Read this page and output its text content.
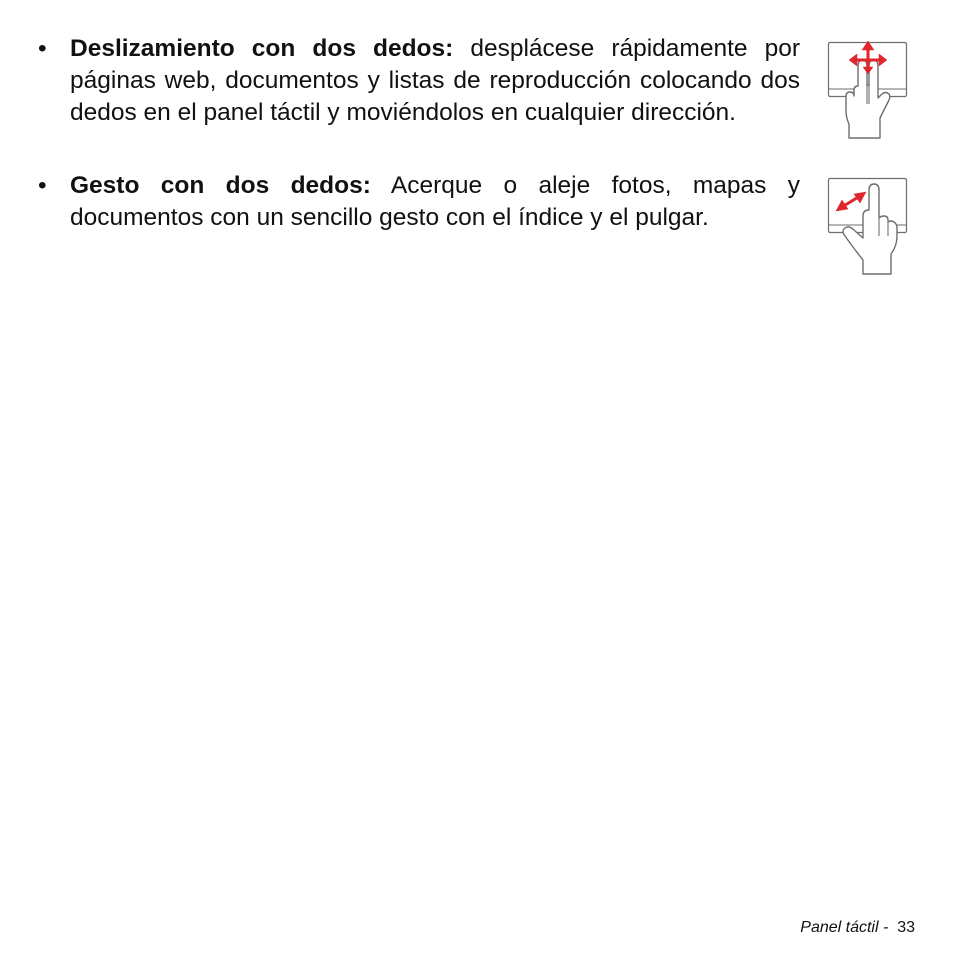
• Deslizamiento con dos dedos: desplácese rápidamente por páginas web, documentos y listas de reproducción colocando dos dedos en el panel táctil y moviéndolos en cualquier dirección.
• Gesto con dos dedos: Acerque o aleje fotos, mapas y documentos con un sencillo gesto con el índice y el pulgar.
Panel táctil -  33
